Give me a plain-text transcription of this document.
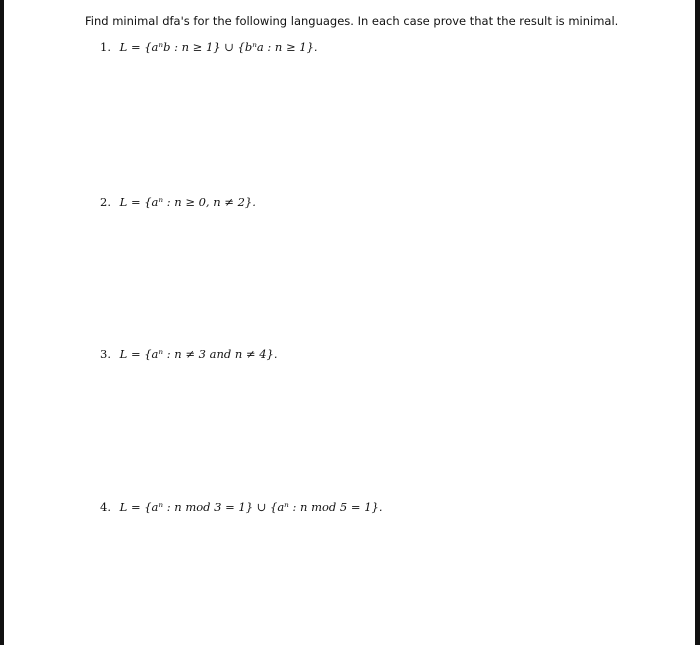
Find minimal dfa's for the following languages. In each case prove that the result is minimal.
1. L = {aⁿb : n ≥ 1} ∪ {bⁿa : n ≥ 1}.
2. L = {aⁿ : n ≥ 0, n ≠ 2}.
3. L = {aⁿ : n ≠ 3 and n ≠ 4}.
4. L = {aⁿ : n mod 3 = 1} ∪ {aⁿ : n mod 5 = 1}.
